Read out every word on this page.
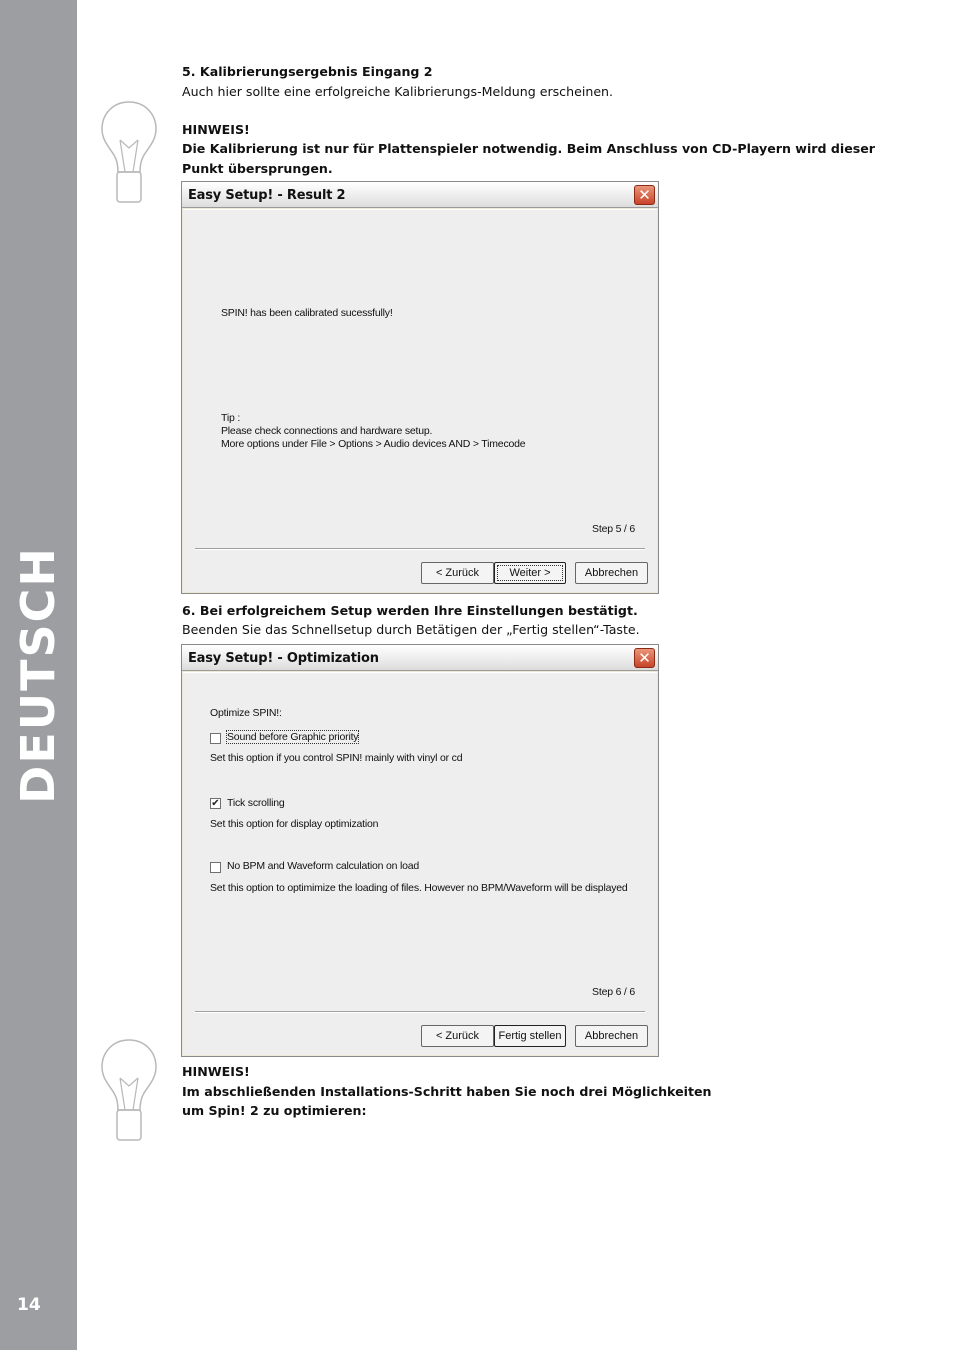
DEUTSCH
14
5. Kalibrierungsergebnis Eingang 2
Auch hier sollte eine erfolgreiche Kalibrierungs-Meldung erscheinen.
HINWEIS!
Die Kalibrierung ist nur für Plattenspieler notwendig. Beim Anschluss von CD-Playern wird dieser
Punkt übersprungen.
Easy Setup! - Result 2	✕
SPIN! has been calibrated sucessfully!
Tip :
Please check connections and hardware setup.
More options under File > Options > Audio devices AND > Timecode
Step 5 / 6
< Zurück	Weiter >	Abbrechen
6. Bei erfolgreichem Setup werden Ihre Einstellungen bestätigt.
Beenden Sie das Schnellsetup durch Betätigen der „Fertig stellen“-Taste.
Easy Setup! - Optimization	✕
Optimize SPIN!:
Sound before Graphic priority
Set this option if you control SPIN! mainly with vinyl or cd
✔ Tick scrolling
Set this option for display optimization
No BPM and Waveform calculation on load
Set this option to optimimize the loading of files. However no BPM/Waveform will be displayed
Step 6 / 6
< Zurück	Fertig stellen	Abbrechen
HINWEIS!
Im abschließenden Installations-Schritt haben Sie noch drei Möglichkeiten
um Spin! 2 zu optimieren:
